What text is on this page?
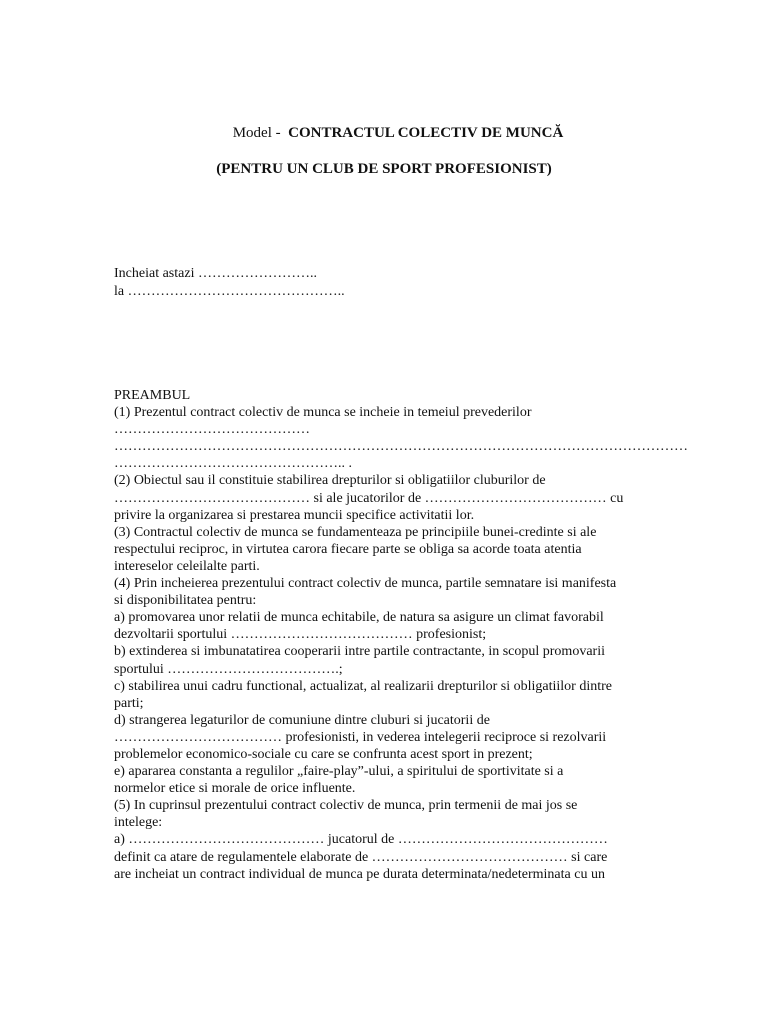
Model - CONTRACTUL COLECTIV DE MUNCĂ
(PENTRU UN CLUB DE SPORT PROFESIONIST)
Incheiat astazi ……………………..
la ………………………………………..
PREAMBUL
(1) Prezentul contract colectiv de munca se incheie in temeiul prevederilor
……………………………………
……………………………………………………………………………………………………………
………………………………………….. .
(2) Obiectul sau il constituie stabilirea drepturilor si obligatiilor cluburilor de
…………………………………… si ale jucatorilor de ………………………………… cu
privire la organizarea si prestarea muncii specifice activitatii lor.
(3) Contractul colectiv de munca se fundamenteaza pe principiile bunei-credinte si ale
respectului reciproc, in virtutea carora fiecare parte se obliga sa acorde toata atentia
intereselor celeilalte parti.
(4) Prin incheierea prezentului contract colectiv de munca, partile semnatare isi manifesta
si disponibilitatea pentru:
a) promovarea unor relatii de munca echitabile, de natura sa asigure un climat favorabil
dezvoltarii sportului ………………………………… profesionist;
b) extinderea si imbunatatirea cooperarii intre partile contractante, in scopul promovarii
sportului ……………………………….;
c) stabilirea unui cadru functional, actualizat, al realizarii drepturilor si obligatiilor dintre
parti;
d) strangerea legaturilor de comuniune dintre cluburi si jucatorii de
……………………………… profesionisti, in vederea intelegerii reciproce si rezolvarii
problemelor economico-sociale cu care se confrunta acest sport in prezent;
e) apararea constanta a regulilor „faire-play”-ului, a spiritului de sportivitate si a
normelor etice si morale de orice influente.
(5) In cuprinsul prezentului contract colectiv de munca, prin termenii de mai jos se
intelege:
a) …………………………………… jucatorul de ………………………………………
definit ca atare de regulamentele elaborate de …………………………………… si care
are incheiat un contract individual de munca pe durata determinata/nedeterminata cu un
